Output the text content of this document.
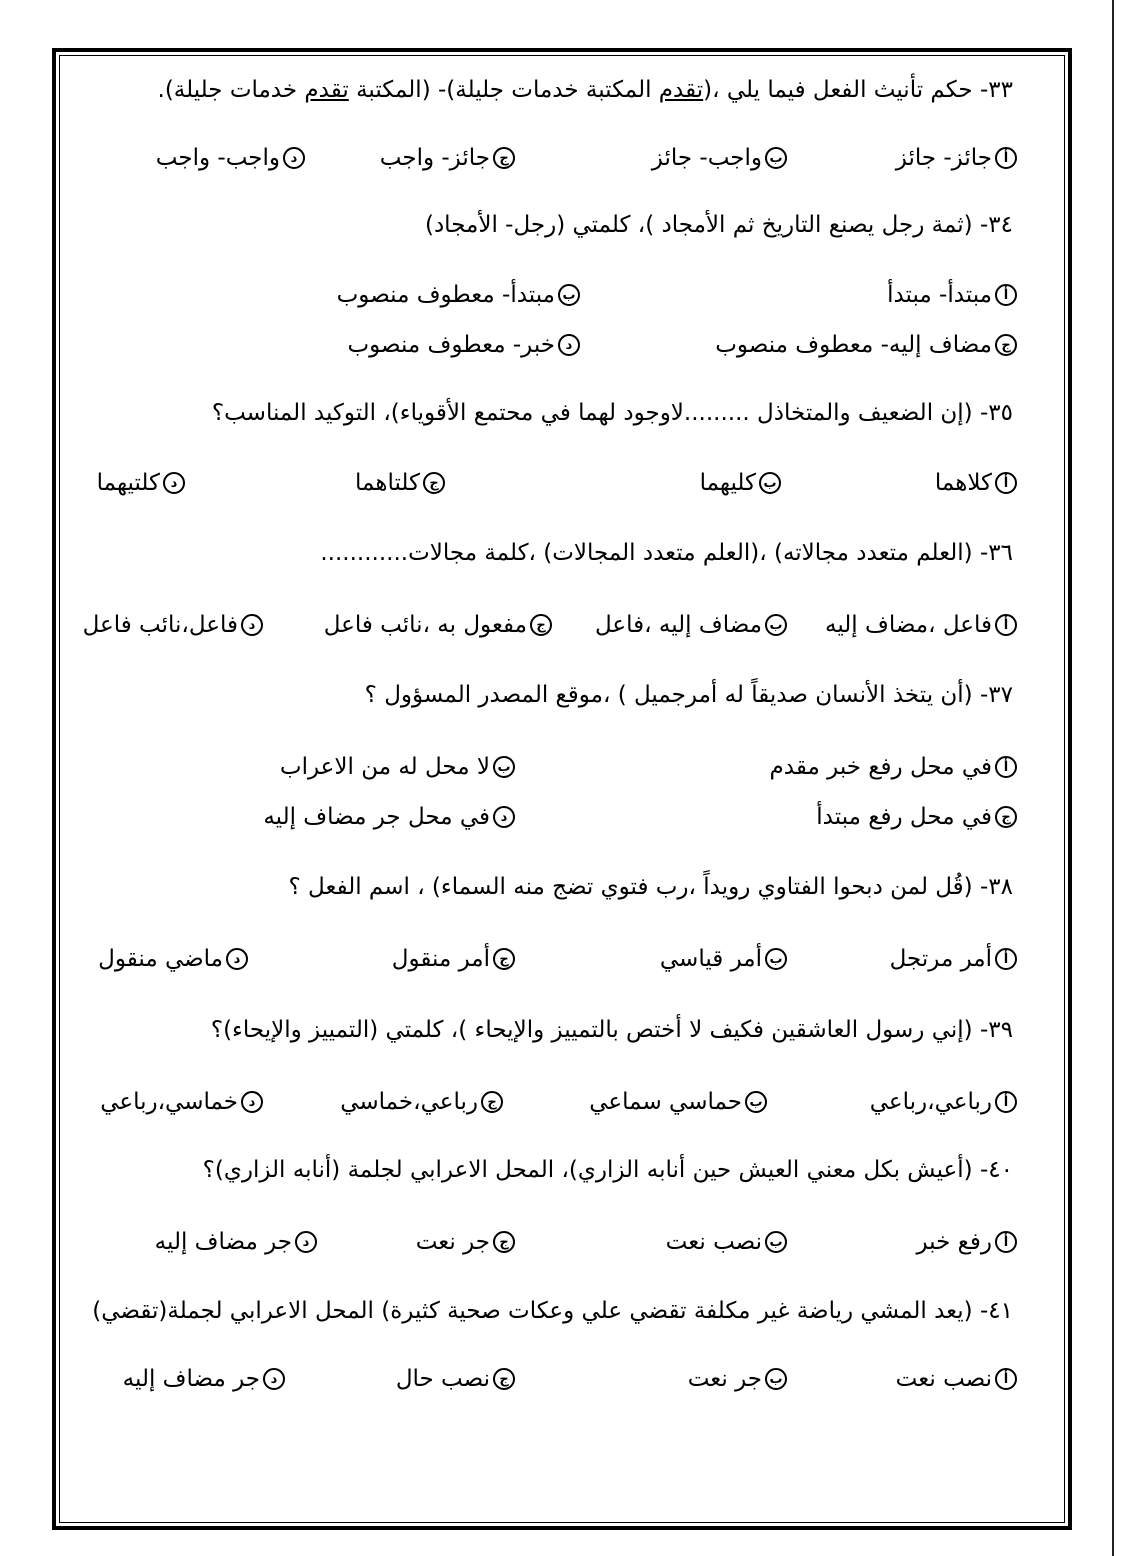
٣٣- حكم تأنيث الفعل فيما يلي ،(تقدم المكتبة خدمات جليلة)- (المكتبة تقدم خدمات جليلة).
أ
جائز- جائز
ب
واجب- جائز
ج
جائز- واجب
د
واجب- واجب
٣٤- (ثمة رجل يصنع التاريخ ثم الأمجاد )، كلمتي (رجل- الأمجاد)
أ
مبتدأ- مبتدأ
ب
مبتدأ- معطوف منصوب
ج
مضاف إليه- معطوف منصوب
د
خبر- معطوف منصوب
٣٥- (إن الضعيف والمتخاذل .........لاوجود لهما في محتمع الأقوياء)، التوكيد المناسب؟
أ
كلاهما
ب
كليهما
ج
كلتاهما
د
كلتيهما
٣٦- (العلم متعدد مجالاته) ،(العلم متعدد المجالات) ،كلمة مجالات............
أ
فاعل ،مضاف إليه
ب
مضاف إليه ،فاعل
ج
مفعول به ،نائب فاعل
د
فاعل،نائب فاعل
٣٧- (أن يتخذ الأنسان صديقاً له أمرجميل ) ،موقع المصدر المسؤول ؟
أ
في محل رفع خبر مقدم
ب
لا محل له من الاعراب
ج
في محل رفع مبتدأ
د
في محل جر مضاف إليه
٣٨- (قُل لمن دبحوا الفتاوي رويداً ،رب فتوي تضج منه السماء) ، اسم الفعل ؟
أ
أمر مرتجل
ب
أمر قياسي
ج
أمر منقول
د
ماضي منقول
٣٩- (إني رسول العاشقين فكيف لا أختص بالتمييز والإيحاء )، كلمتي (التمييز والإيحاء)؟
أ
رباعي،رباعي
ب
حماسي سماعي
ج
رباعي،خماسي
د
خماسي،رباعي
٤٠- (أعيش بكل معني العيش حين أنابه الزاري)، المحل الاعرابي لجلمة (أنابه الزاري)؟
أ
رفع خبر
ب
نصب نعت
ج
جر نعت
د
جر مضاف إليه
٤١- (يعد المشي رياضة غير مكلفة تقضي علي وعكات صحية كثيرة) المحل الاعرابي لجملة(تقضي)
أ
نصب نعت
ب
جر نعت
ج
نصب حال
د
جر مضاف إليه
